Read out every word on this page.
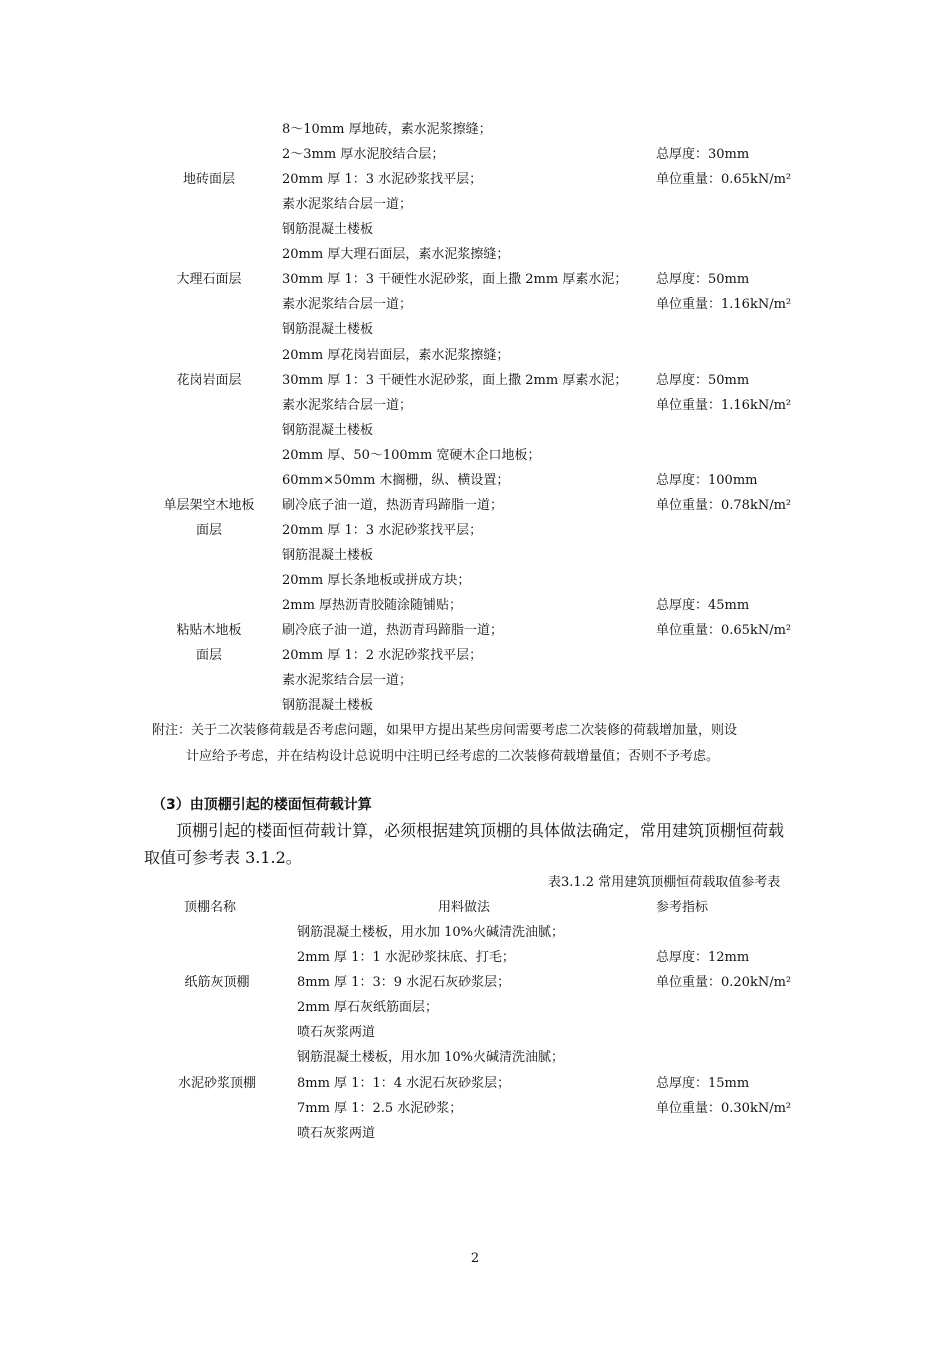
8～10mm 厚地砖，素水泥浆擦缝；
2～3mm 厚水泥胶结合层；	总厚度：30mm
地砖面层	20mm 厚 1：3 水泥砂浆找平层；	单位重量：0.65kN/m²
素水泥浆结合层一道；
钢筋混凝土楼板
20mm 厚大理石面层，素水泥浆擦缝；
大理石面层	30mm 厚 1：3 干硬性水泥砂浆，面上撒 2mm 厚素水泥； 总厚度：50mm
素水泥浆结合层一道；	单位重量：1.16kN/m²
钢筋混凝土楼板
20mm 厚花岗岩面层，素水泥浆擦缝；
花岗岩面层	30mm 厚 1：3 干硬性水泥砂浆，面上撒 2mm 厚素水泥； 总厚度：50mm
素水泥浆结合层一道；	单位重量：1.16kN/m²
钢筋混凝土楼板
20mm 厚、50～100mm 宽硬木企口地板；
60mm×50mm 木搁栅，纵、横设置；	总厚度：100mm
单层架空木地板	刷冷底子油一道，热沥青玛蹄脂一道；	单位重量：0.78kN/m²
面层	20mm 厚 1：3 水泥砂浆找平层；
钢筋混凝土楼板
20mm 厚长条地板或拼成方块；
2mm 厚热沥青胶随涂随铺贴；	总厚度：45mm
粘贴木地板	刷冷底子油一道，热沥青玛蹄脂一道；	单位重量：0.65kN/m²
面层	20mm 厚 1：2 水泥砂浆找平层；
素水泥浆结合层一道；
钢筋混凝土楼板
附注：关于二次装修荷载是否考虑问题，如果甲方提出某些房间需要考虑二次装修的荷载增加量，则设
计应给予考虑，并在结构设计总说明中注明已经考虑的二次装修荷载增量值；否则不予考虑。
（3）由顶棚引起的楼面恒荷载计算
顶棚引起的楼面恒荷载计算，必须根据建筑顶棚的具体做法确定，常用建筑顶棚恒荷载
取值可参考表 3.1.2。
表3.1.2 常用建筑顶棚恒荷载取值参考表
顶棚名称	用料做法	参考指标
钢筋混凝土楼板，用水加 10%火碱清洗油腻；
2mm 厚 1：1 水泥砂浆抹底、打毛；	总厚度：12mm
纸筋灰顶棚	8mm 厚 1：3：9 水泥石灰砂浆层；	单位重量：0.20kN/m²
2mm 厚石灰纸筋面层；
喷石灰浆两道
钢筋混凝土楼板，用水加 10%火碱清洗油腻；
水泥砂浆顶棚	8mm 厚 1：1：4 水泥石灰砂浆层；	总厚度：15mm
7mm 厚 1：2.5 水泥砂浆；	单位重量：0.30kN/m²
喷石灰浆两道
2
